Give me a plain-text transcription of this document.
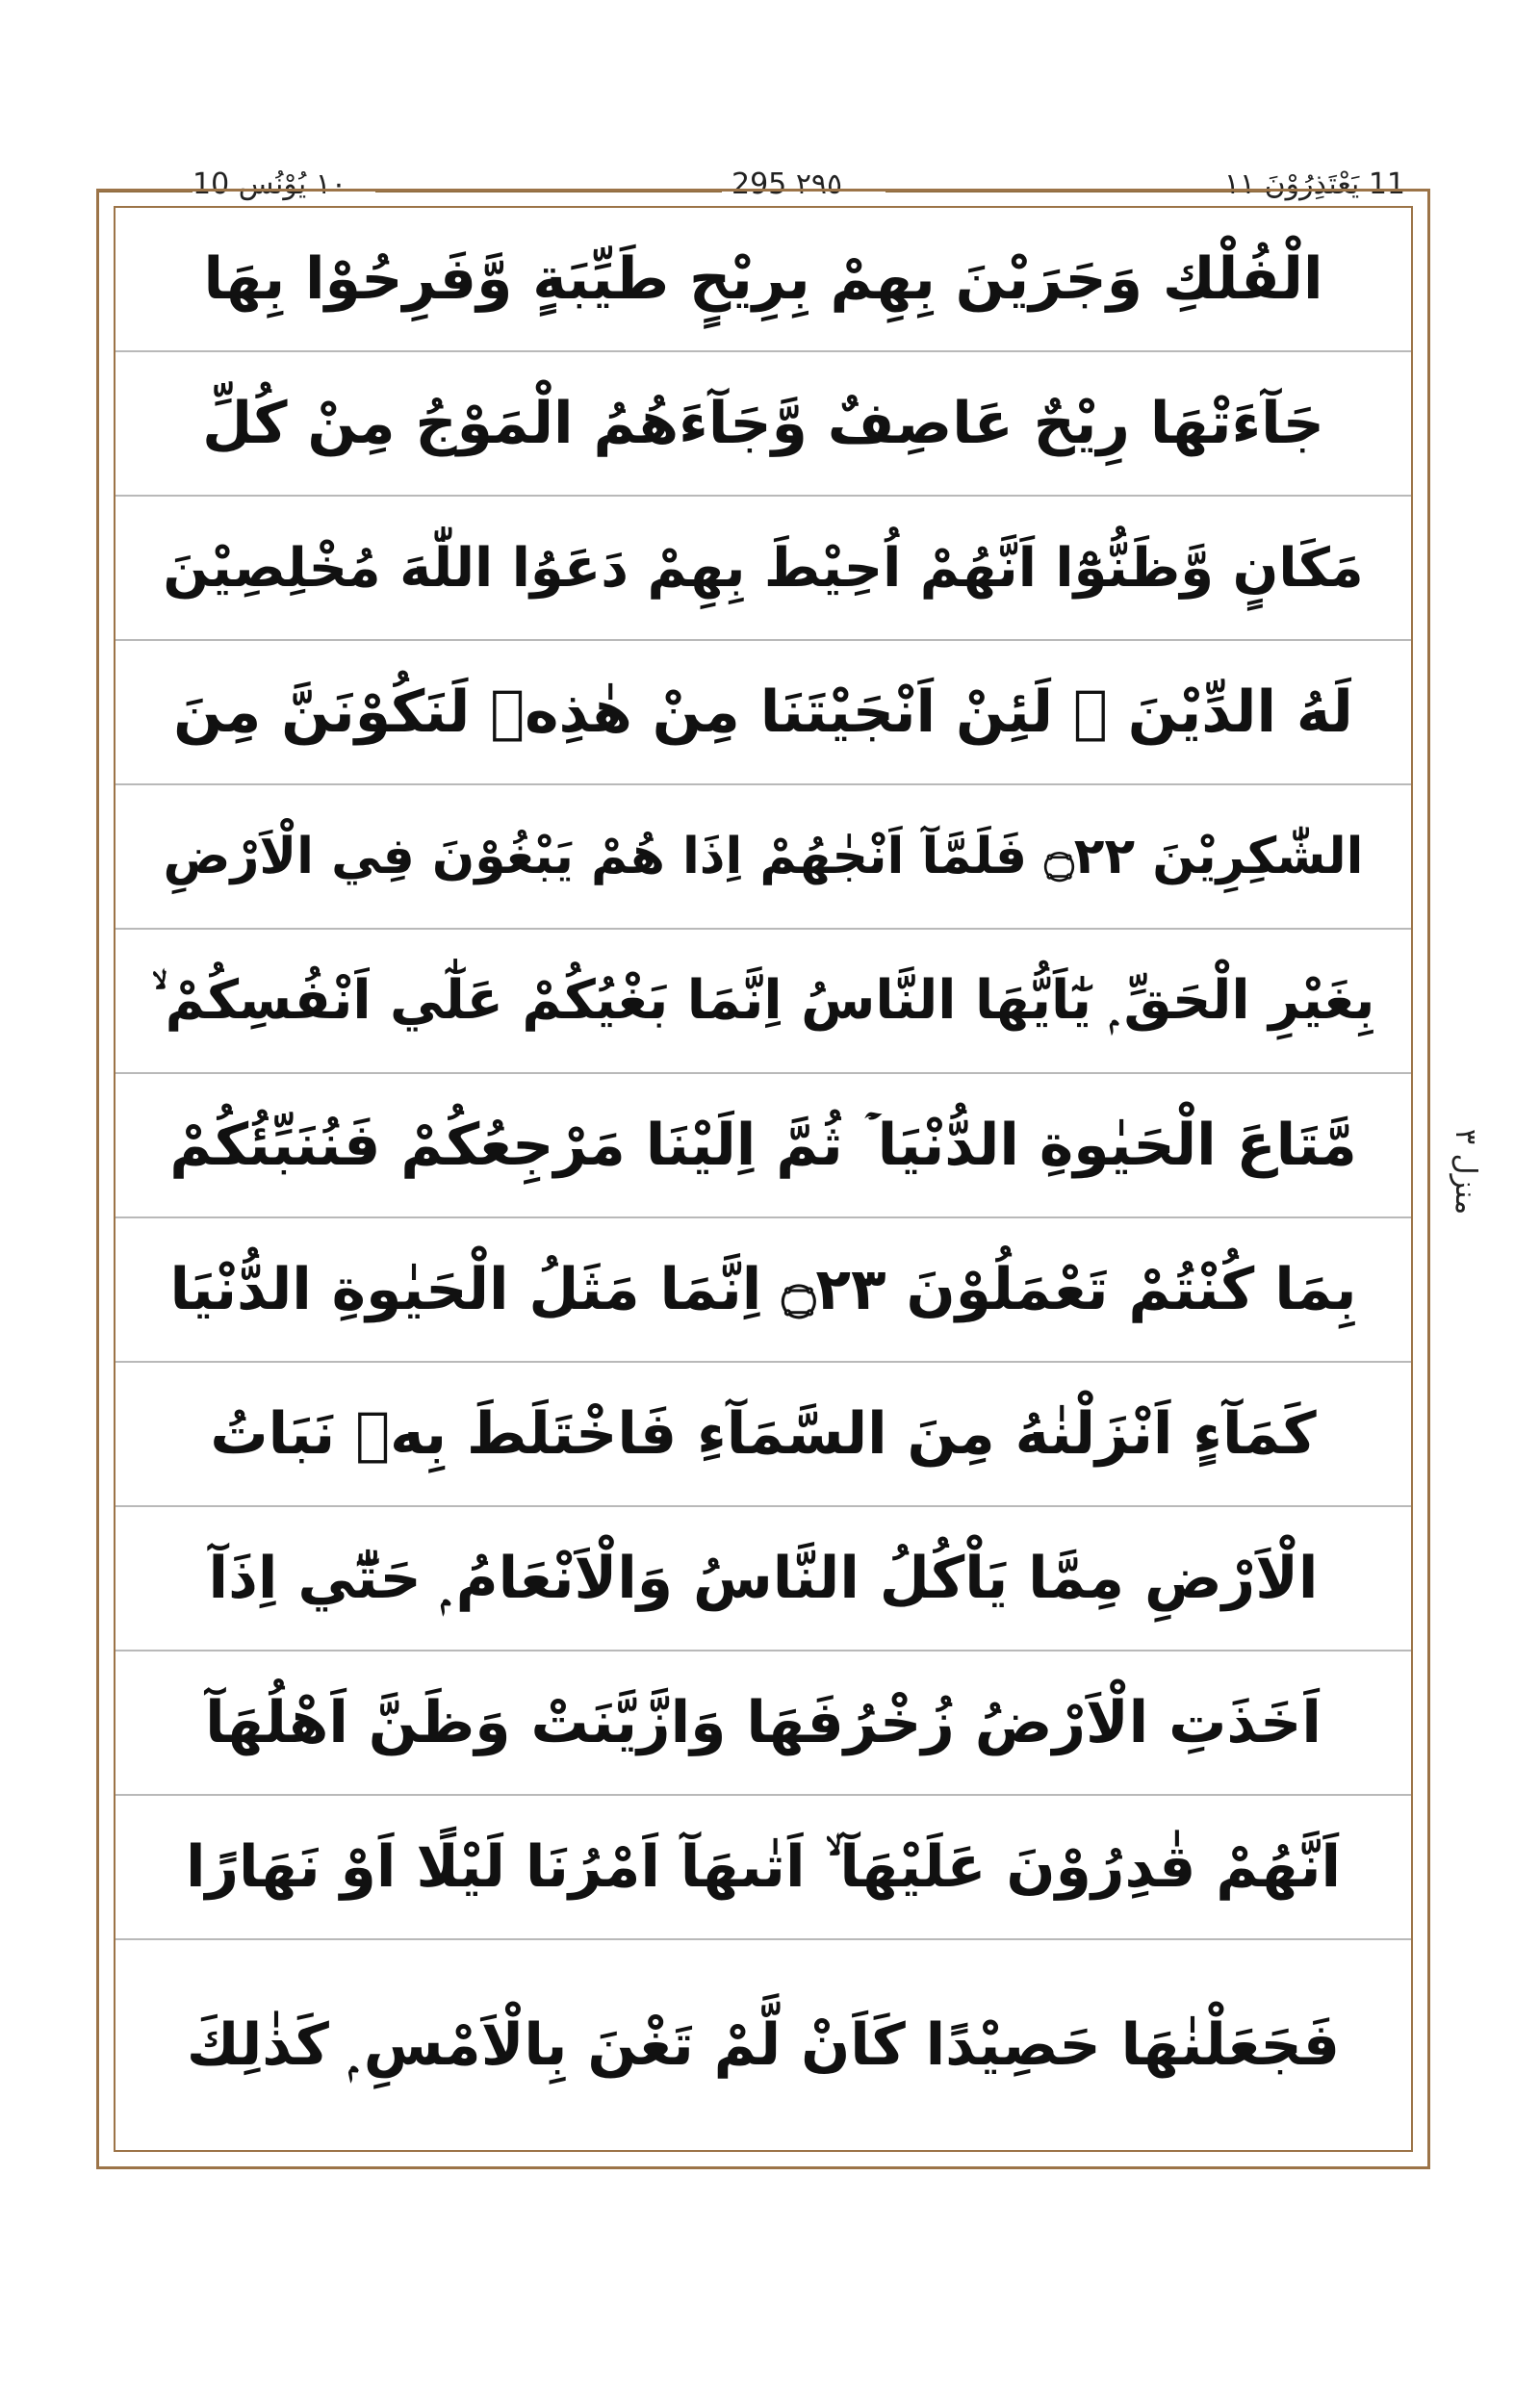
١٠ یُوْنُس 10	٢٩٥ 295	11 یَعْتَذِرُوْنَ ١١
الْفُلْكِ وَجَرَيْنَ بِهِمْ بِرِيْحٍ طَيِّبَةٍ وَّفَرِحُوْا بِهَا
جَآءَتْهَا رِيْحٌ عَاصِفٌ وَّجَآءَهُمُ الْمَوْجُ مِنْ كُلِّ
مَكَانٍ وَّظَنُّوْٓا اَنَّهُمْ اُحِيْطَ بِهِمْ دَعَوُا اللّٰهَ مُخْلِصِيْنَ
لَهُ الدِّيْنَ ۚ لَئِنْ اَنْجَيْتَنَا مِنْ هٰذِهٖ لَنَكُوْنَنَّ مِنَ
الشّٰكِرِيْنَ ۝٢٢ فَلَمَّآ اَنْجٰهُمْ اِذَا هُمْ يَبْغُوْنَ فِي الْاَرْضِ
بِغَيْرِ الْحَقِّ ۭ يٰٓاَيُّهَا النَّاسُ اِنَّمَا بَغْيُكُمْ عَلٰٓي اَنْفُسِكُمْ ۙ
مَّتَاعَ الْحَيٰوةِ الدُّنْيَا ۡ ثُمَّ اِلَيْنَا مَرْجِعُكُمْ فَنُنَبِّئُكُمْ
بِمَا كُنْتُمْ تَعْمَلُوْنَ ۝٢٣ اِنَّمَا مَثَلُ الْحَيٰوةِ الدُّنْيَا
كَمَآءٍ اَنْزَلْنٰهُ مِنَ السَّمَآءِ فَاخْتَلَطَ بِهٖ نَبَاتُ
الْاَرْضِ مِمَّا يَاْكُلُ النَّاسُ وَالْاَنْعَامُ ۭ حَتّٰٓي اِذَآ
اَخَذَتِ الْاَرْضُ زُخْرُفَهَا وَازَّيَّنَتْ وَظَنَّ اَهْلُهَآ
اَنَّهُمْ قٰدِرُوْنَ عَلَيْهَآ ۙ اَتٰىهَآ اَمْرُنَا لَيْلًا اَوْ نَهَارًا
فَجَعَلْنٰهَا حَصِيْدًا كَاَنْ لَّمْ تَغْنَ بِالْاَمْسِ ۭ كَذٰلِكَ
منزل ٣
